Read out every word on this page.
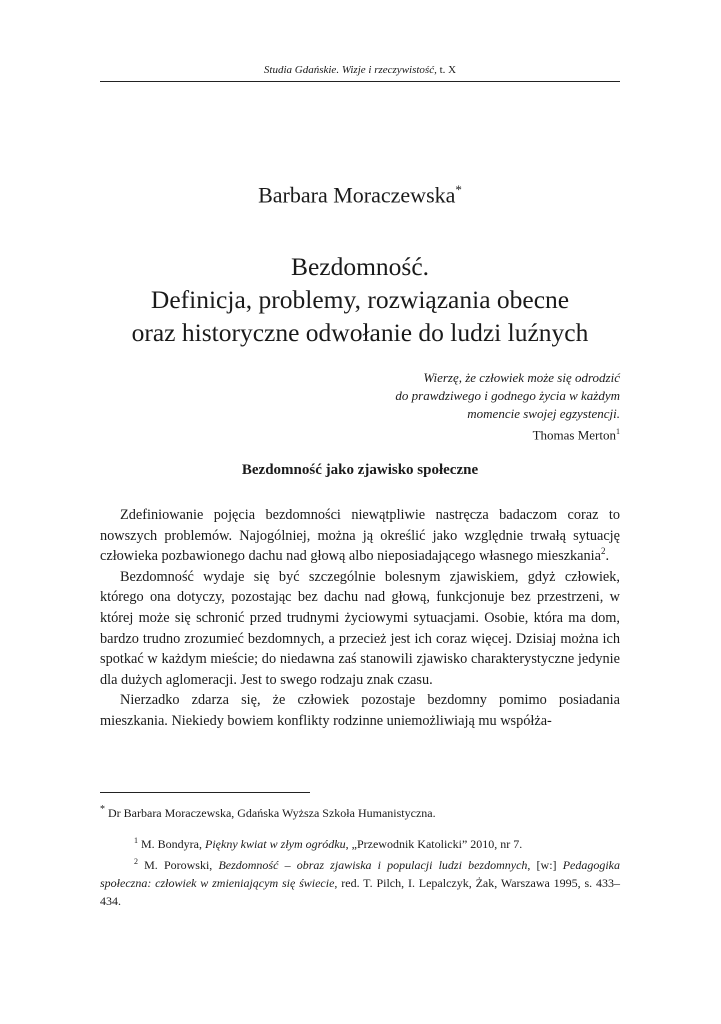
Studia Gdańskie. Wizje i rzeczywistość, t. X
Barbara Moraczewska*
Bezdomność.
Definicja, problemy, rozwiązania obecne
oraz historyczne odwołanie do ludzi luźnych
Wierzę, że człowiek może się odrodzić
do prawdziwego i godnego życia w każdym
momencie swojej egzystencji.
Thomas Merton$^1$
Bezdomność jako zjawisko społeczne

Zdefiniowanie pojęcia bezdomności niewątpliwie nastręcza badaczom coraz to nowszych problemów. Najogólniej, można ją określić jako względnie trwałą sytuację człowieka pozbawionego dachu nad głową albo nieposiadającego własnego mieszkania$^2$.

Bezdomność wydaje się być szczególnie bolesnym zjawiskiem, gdyż człowiek, którego ona dotyczy, pozostając bez dachu nad głową, funkcjonuje bez przestrzeni, w której może się schronić przed trudnymi życiowymi sytuacjami. Osobie, która ma dom, bardzo trudno zrozumieć bezdomnych, a przecież jest ich coraz więcej. Dzisiaj można ich spotkać w każdym mieście; do niedawna zaś stanowili zjawisko charakterystyczne jedynie dla dużych aglomeracji. Jest to swego rodzaju znak czasu.

Nierzadko zdarza się, że człowiek pozostaje bezdomny pomimo posiadania mieszkania. Niekiedy bowiem konflikty rodzinne uniemożliwiają mu współża-

* Dr Barbara Moraczewska, Gdańska Wyższa Szkoła Humanistyczna.

$^1$ M. Bondyra, Piękny kwiat w złym ogródku, „Przewodnik Katolicki” 2010, nr 7.

$^2$ M. Porowski, Bezdomność – obraz zjawiska i populacji ludzi bezdomnych, [w:] Pedagogika społeczna: człowiek w zmieniającym się świecie, red. T. Pilch, I. Lepalczyk, Żak, Warszawa 1995, s. 433–434.
